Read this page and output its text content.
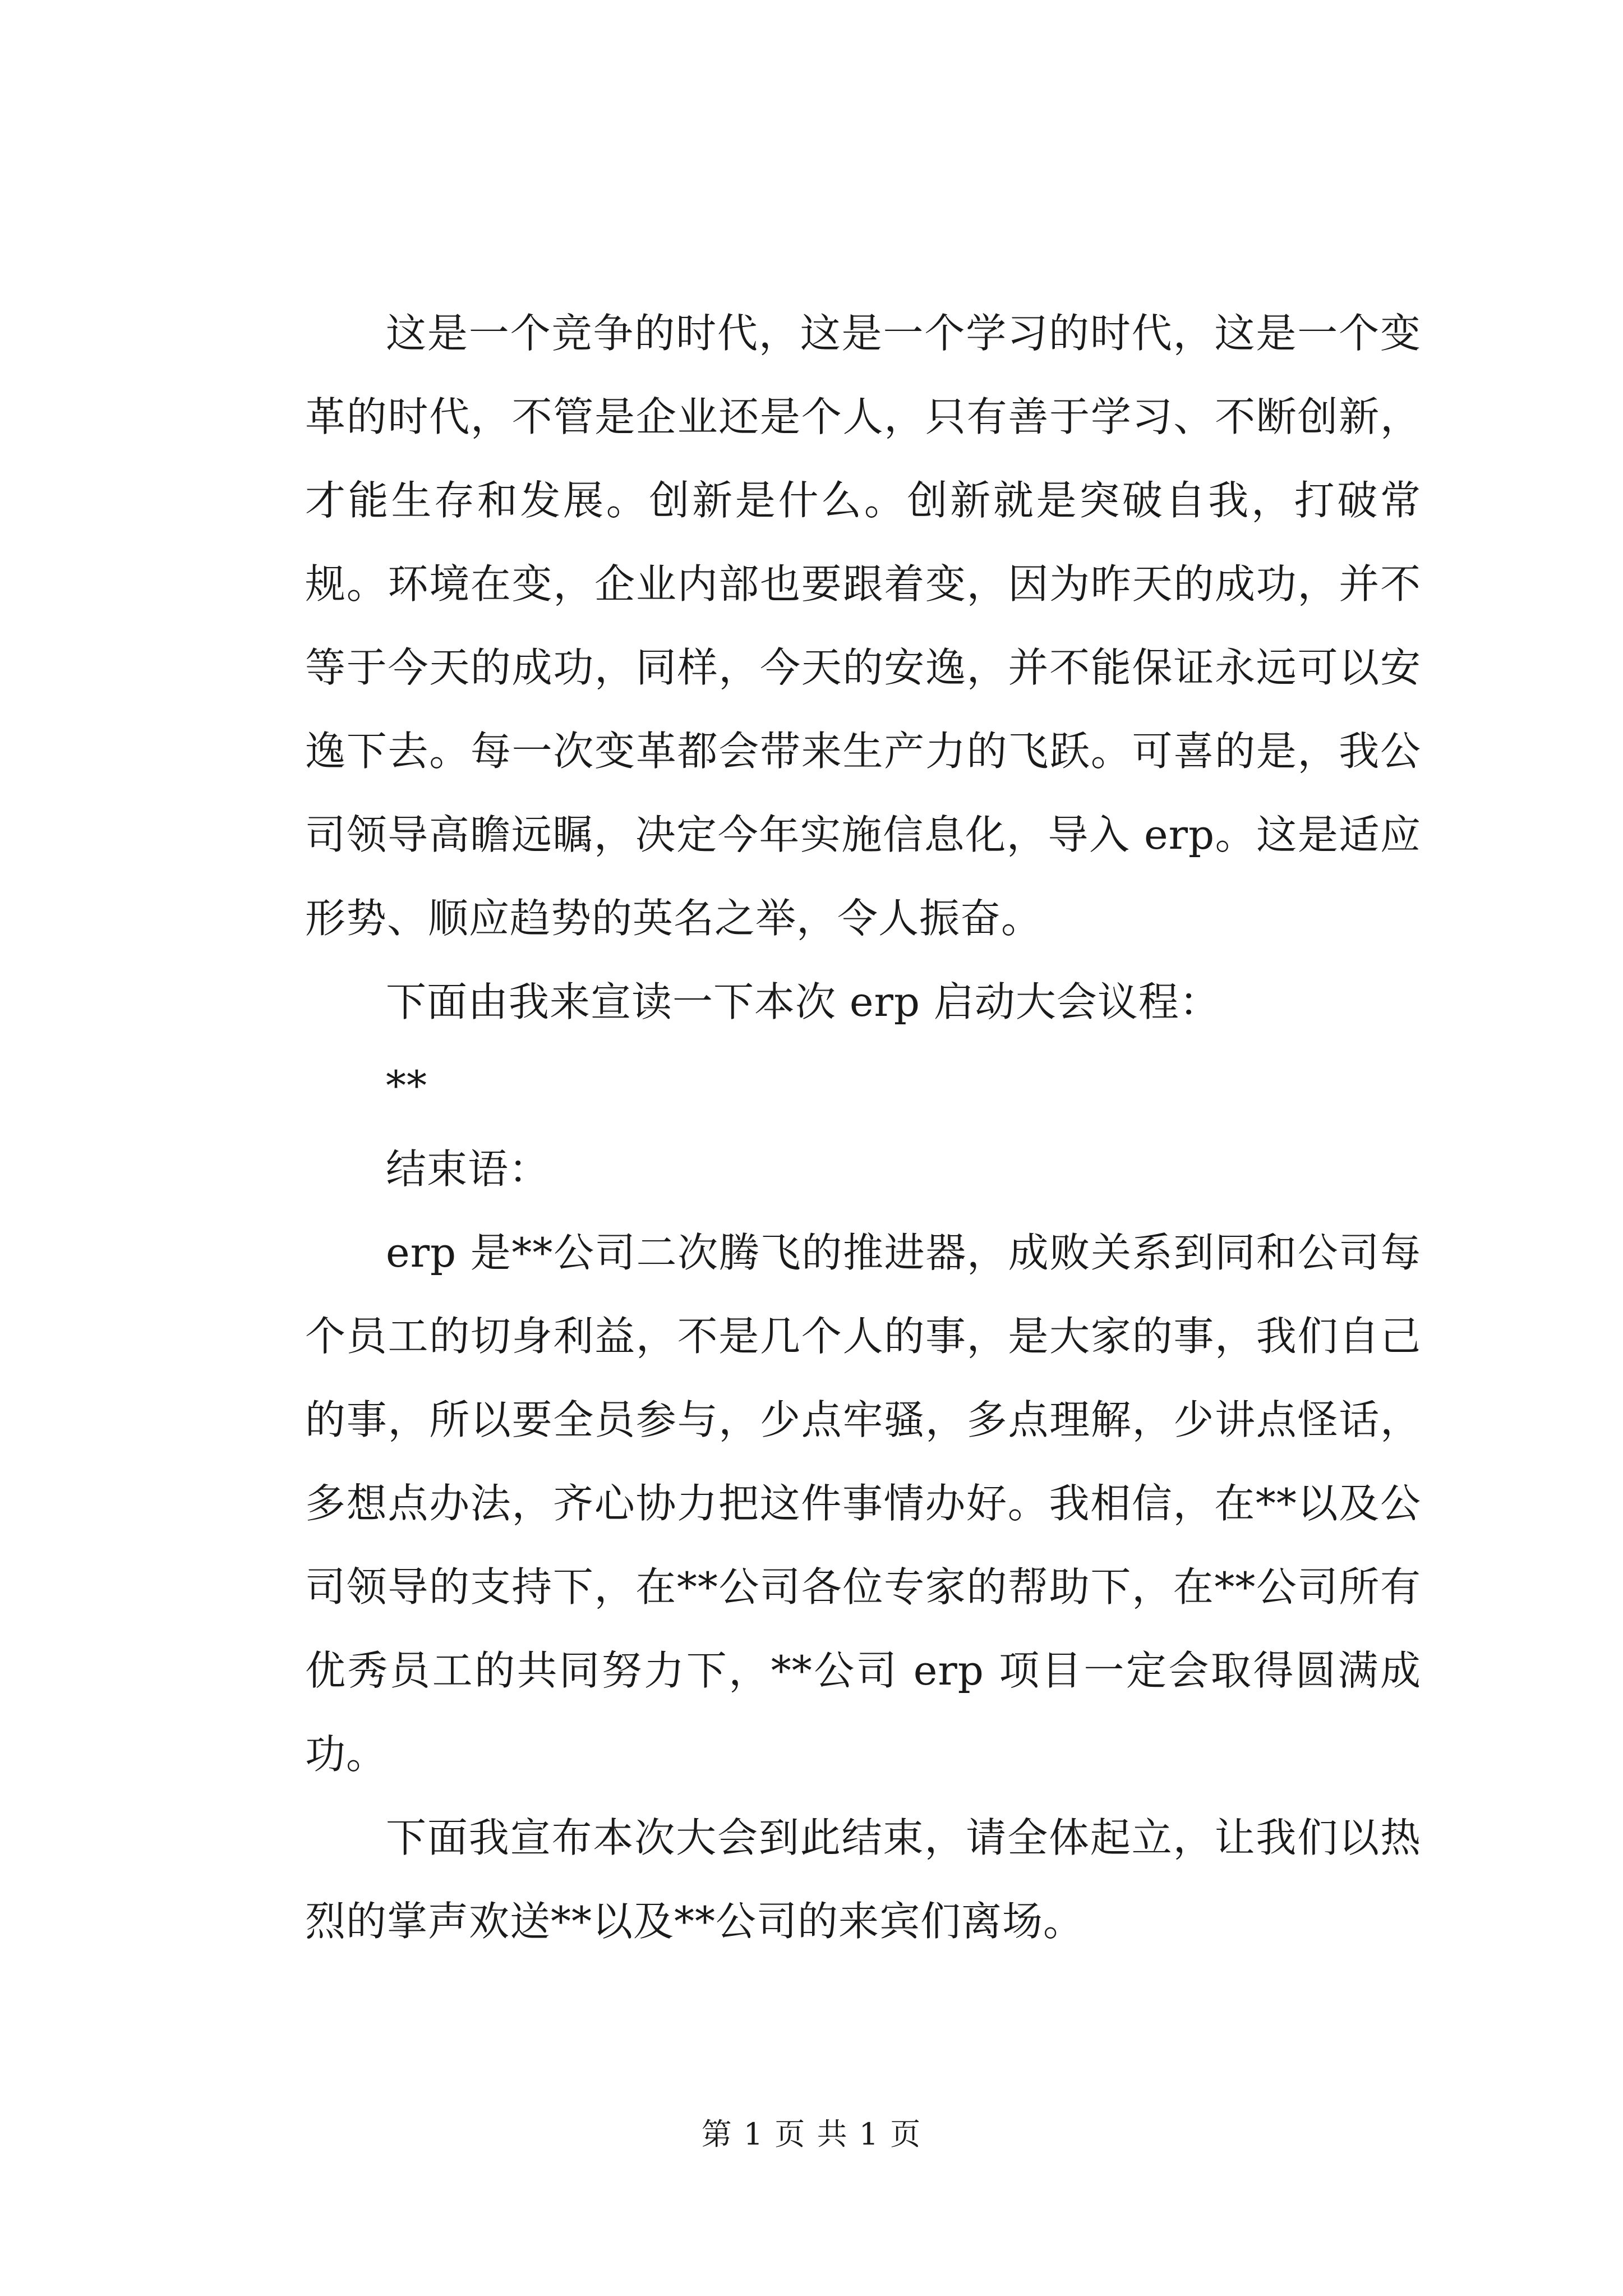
这是一个竞争的时代，这是一个学习的时代，这是一个变革的时代，不管是企业还是个人，只有善于学习、不断创新，才能生存和发展。创新是什么。创新就是突破自我，打破常规。环境在变，企业内部也要跟着变，因为昨天的成功，并不等于今天的成功，同样，今天的安逸，并不能保证永远可以安逸下去。每一次变革都会带来生产力的飞跃。可喜的是，我公司领导高瞻远瞩，决定今年实施信息化，导入 erp。这是适应形势、顺应趋势的英名之举，令人振奋。

下面由我来宣读一下本次 erp 启动大会议程：

**

结束语：

erp 是**公司二次腾飞的推进器，成败关系到同和公司每个员工的切身利益，不是几个人的事，是大家的事，我们自己的事，所以要全员参与，少点牢骚，多点理解，少讲点怪话，多想点办法，齐心协力把这件事情办好。我相信，在**以及公司领导的支持下，在**公司各位专家的帮助下，在**公司所有优秀员工的共同努力下，**公司 erp 项目一定会取得圆满成功。

下面我宣布本次大会到此结束，请全体起立，让我们以热烈的掌声欢送**以及**公司的来宾们离场。

第 1 页 共 1 页
